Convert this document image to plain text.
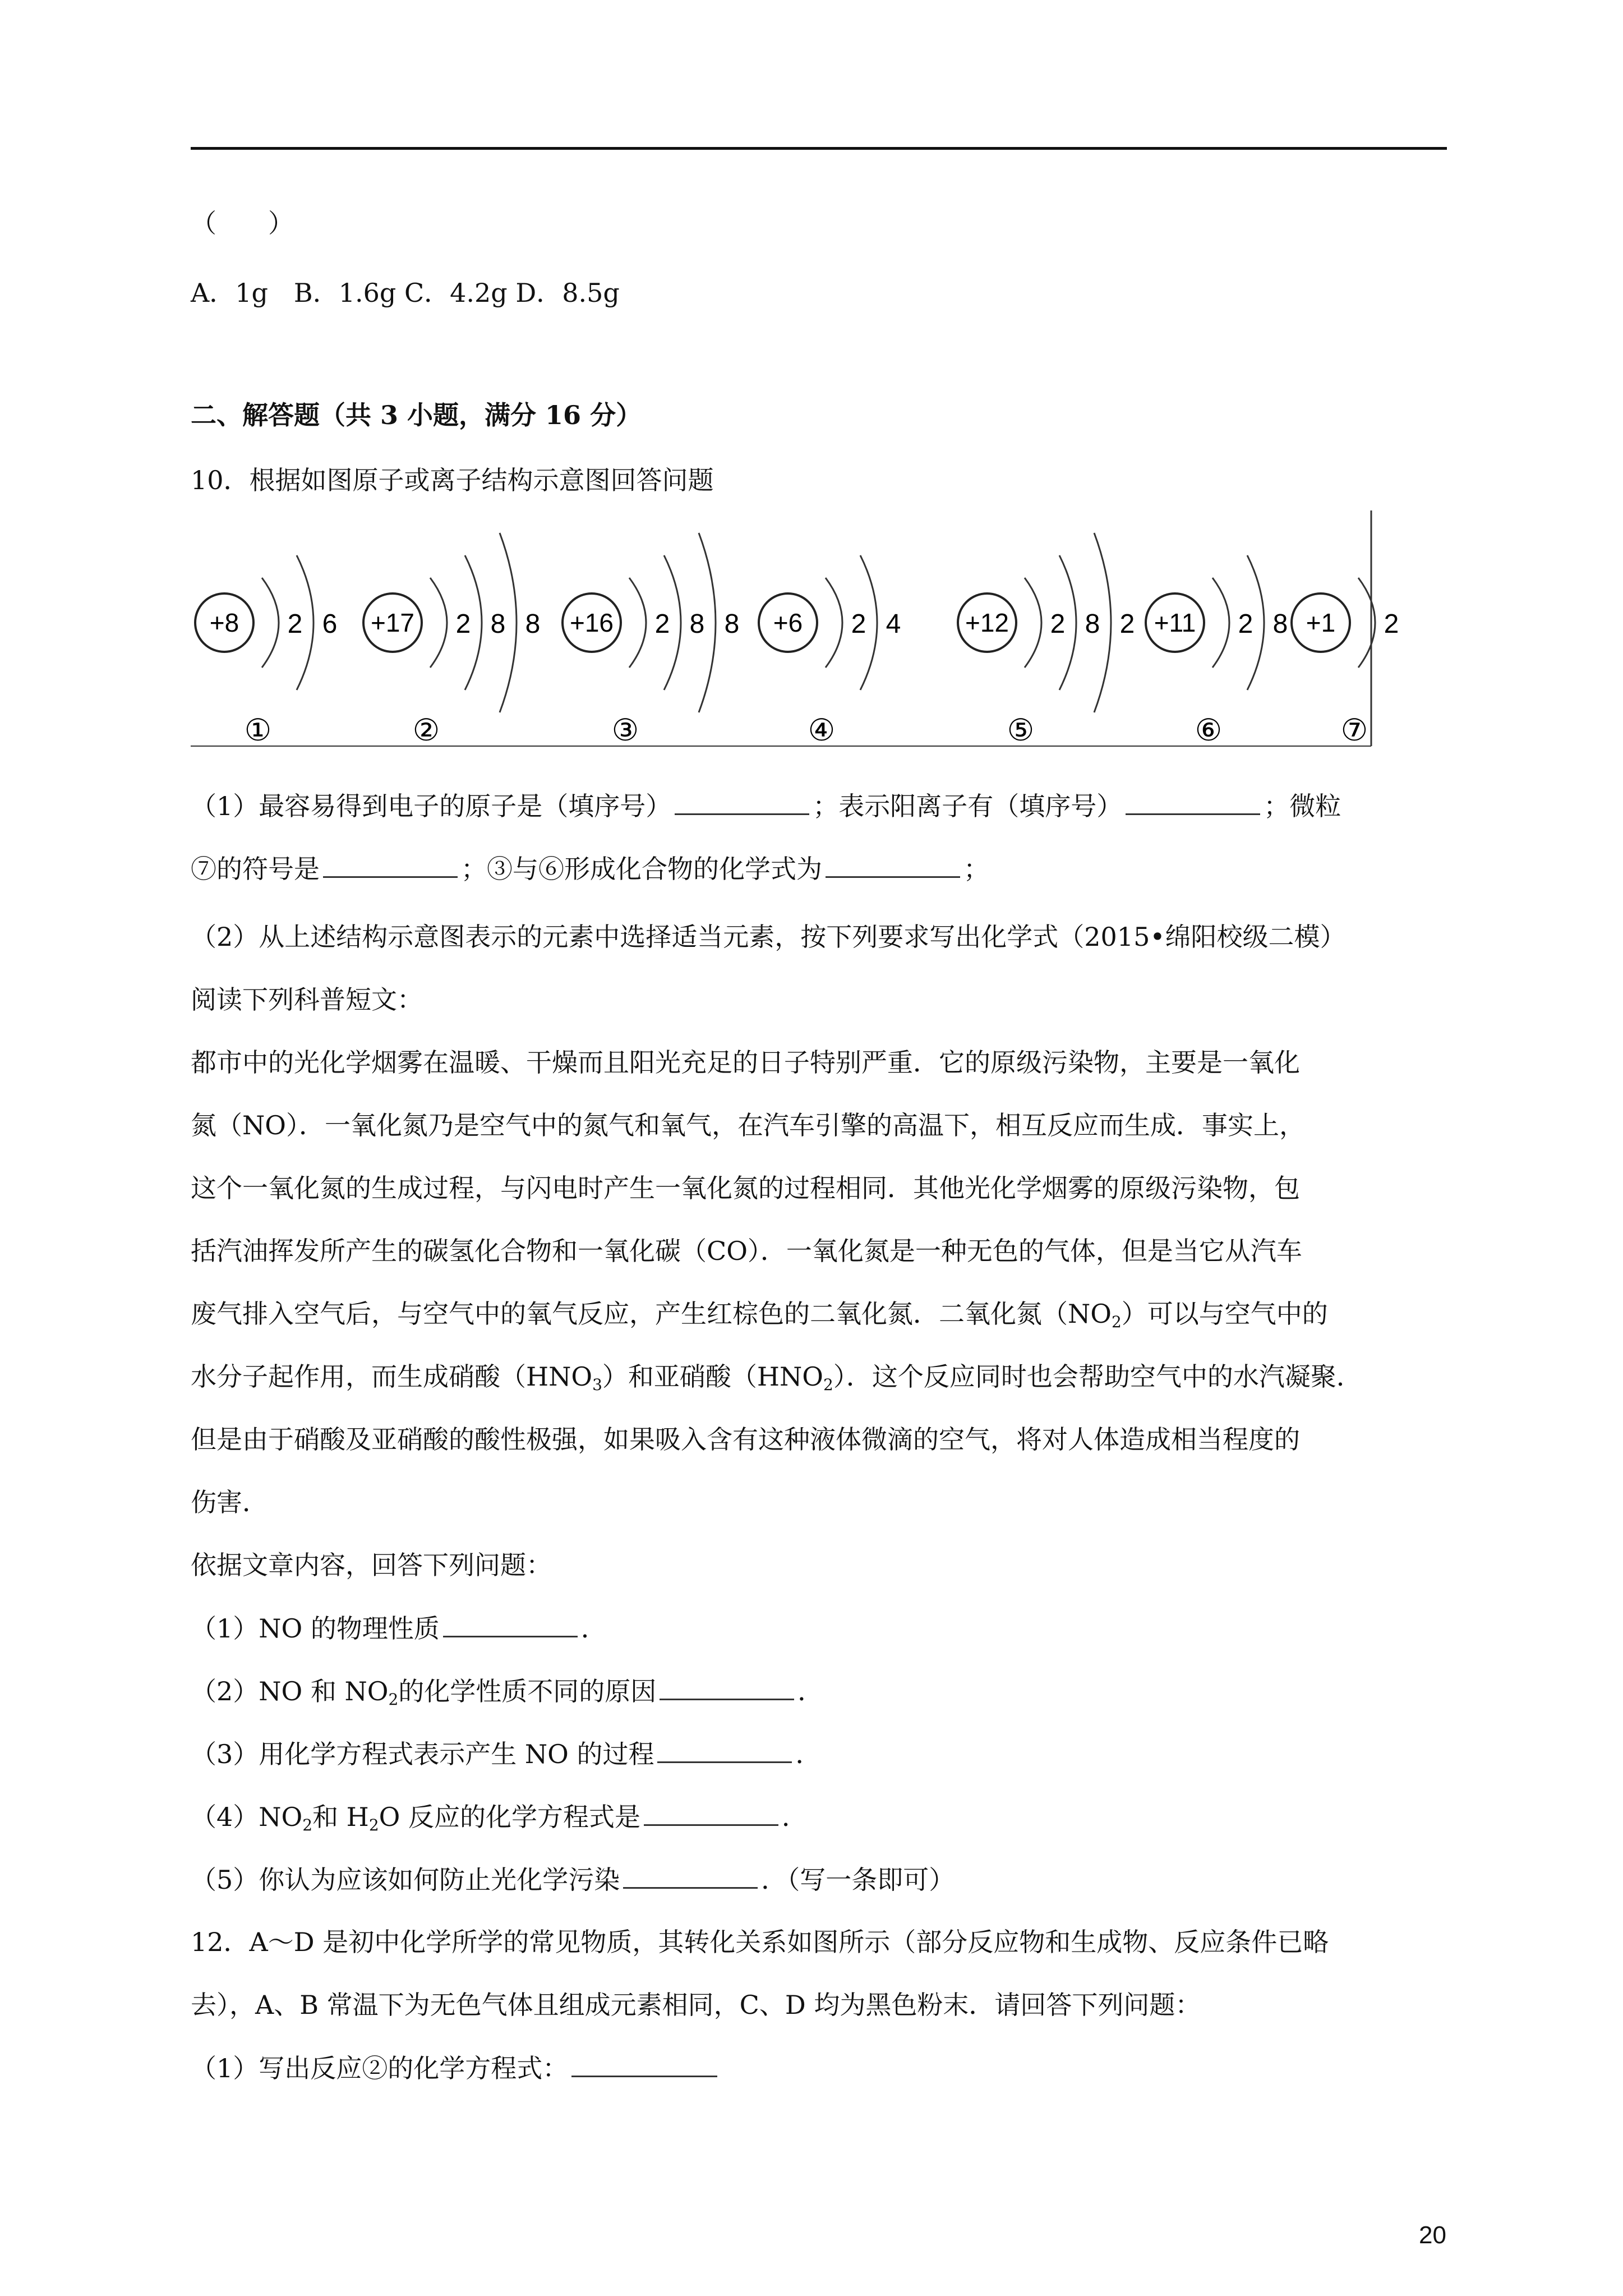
（　　）
A．1g　B．1.6g C．4.2g D．8.5g
二、解答题（共 3 小题，满分 16 分）
10．根据如图原子或离子结构示意图回答问题
+8 2 6
①
+17 2 8 8
②
+16 2 8 8
③
+6 2 4
④
+12 2 8 2
⑤
+11 2 8
⑥
+1 2
⑦
（1）最容易得到电子的原子是（填序号）	；表示阳离子有（填序号）	；微粒
⑦的符号是	；③与⑥形成化合物的化学式为	；
（2）从上述结构示意图表示的元素中选择适当元素，按下列要求写出化学式（2015•绵阳校级二模）
阅读下列科普短文：
都市中的光化学烟雾在温暖、干燥而且阳光充足的日子特别严重．它的原级污染物，主要是一氧化
氮（NO）．一氧化氮乃是空气中的氮气和氧气，在汽车引擎的高温下，相互反应而生成．事实上，
这个一氧化氮的生成过程，与闪电时产生一氧化氮的过程相同．其他光化学烟雾的原级污染物，包
括汽油挥发所产生的碳氢化合物和一氧化碳（CO）．一氧化氮是一种无色的气体，但是当它从汽车
废气排入空气后，与空气中的氧气反应，产生红棕色的二氧化氮．二氧化氮$(NO_2)$可以与空气中的
水分子起作用，而生成硝酸$(HNO_3)$和亚硝酸$(HNO_2)$．这个反应同时也会帮助空气中的水汽凝聚．
但是由于硝酸及亚硝酸的酸性极强，如果吸入含有这种液体微滴的空气，将对人体造成相当程度的
伤害．
依据文章内容，回答下列问题：
（1）NO 的物理性质	．
（2）NO 和 $NO_2$的化学性质不同的原因	．
（3）用化学方程式表示产生 NO 的过程	．
$(4)NO_2$和 $H_2O$ 反应的化学方程式是	．
（5）你认为应该如何防止光化学污染	．（写一条即可）
12．A～D 是初中化学所学的常见物质，其转化关系如图所示（部分反应物和生成物、反应条件已略
去），A、B 常温下为无色气体且组成元素相同，C、D 均为黑色粉末．请回答下列问题：
（1）写出反应②的化学方程式：
20
